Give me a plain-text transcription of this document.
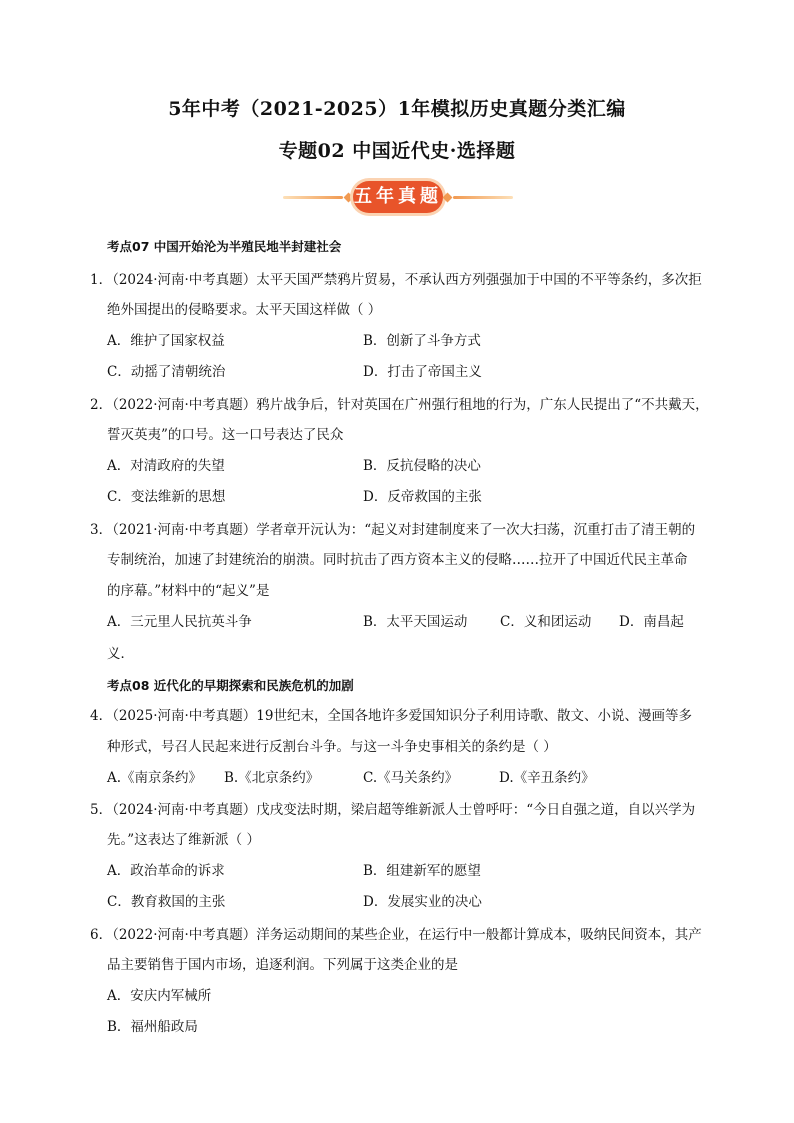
5年中考（2021-2025）1年模拟历史真题分类汇编
专题02 中国近代史·选择题
五年真题
考点07 中国开始沦为半殖民地半封建社会
1．（2024·河南·中考真题）太平天国严禁鸦片贸易，不承认西方列强强加于中国的不平等条约，多次拒
绝外国提出的侵略要求。太平天国这样做（ ）
A．维护了国家权益	B．创新了斗争方式
C．动摇了清朝统治	D．打击了帝国主义
2．（2022·河南·中考真题）鸦片战争后，针对英国在广州强行租地的行为，广东人民提出了“不共戴天，
誓灭英夷”的口号。这一口号表达了民众
A．对清政府的失望	B．反抗侵略的决心
C．变法维新的思想	D．反帝救国的主张
3．（2021·河南·中考真题）学者章开沅认为：“起义对封建制度来了一次大扫荡，沉重打击了清王朝的
专制统治，加速了封建统治的崩溃。同时抗击了西方资本主义的侵略……拉开了中国近代民主革命
的序幕。”材料中的“起义”是
A．三元里人民抗英斗争	B．太平天国运动 C．义和团运动 D．南昌起
义．
考点08 近代化的早期探索和民族危机的加剧
4．（2025·河南·中考真题）19世纪末，全国各地许多爱国知识分子利用诗歌、散文、小说、漫画等多
种形式，号召人民起来进行反割台斗争。与这一斗争史事相关的条约是（ ）
A.《南京条约》 B.《北京条约》	C.《马关条约》	D.《辛丑条约》
5．（2024·河南·中考真题）戊戌变法时期，梁启超等维新派人士曾呼吁：“今日自强之道，自以兴学为
先。”这表达了维新派（ ）
A．政治革命的诉求	B．组建新军的愿望
C．教育救国的主张	D．发展实业的决心
6．（2022·河南·中考真题）洋务运动期间的某些企业，在运行中一般都计算成本，吸纳民间资本，其产
品主要销售于国内市场，追逐利润。下列属于这类企业的是
A．安庆内军械所
B．福州船政局
